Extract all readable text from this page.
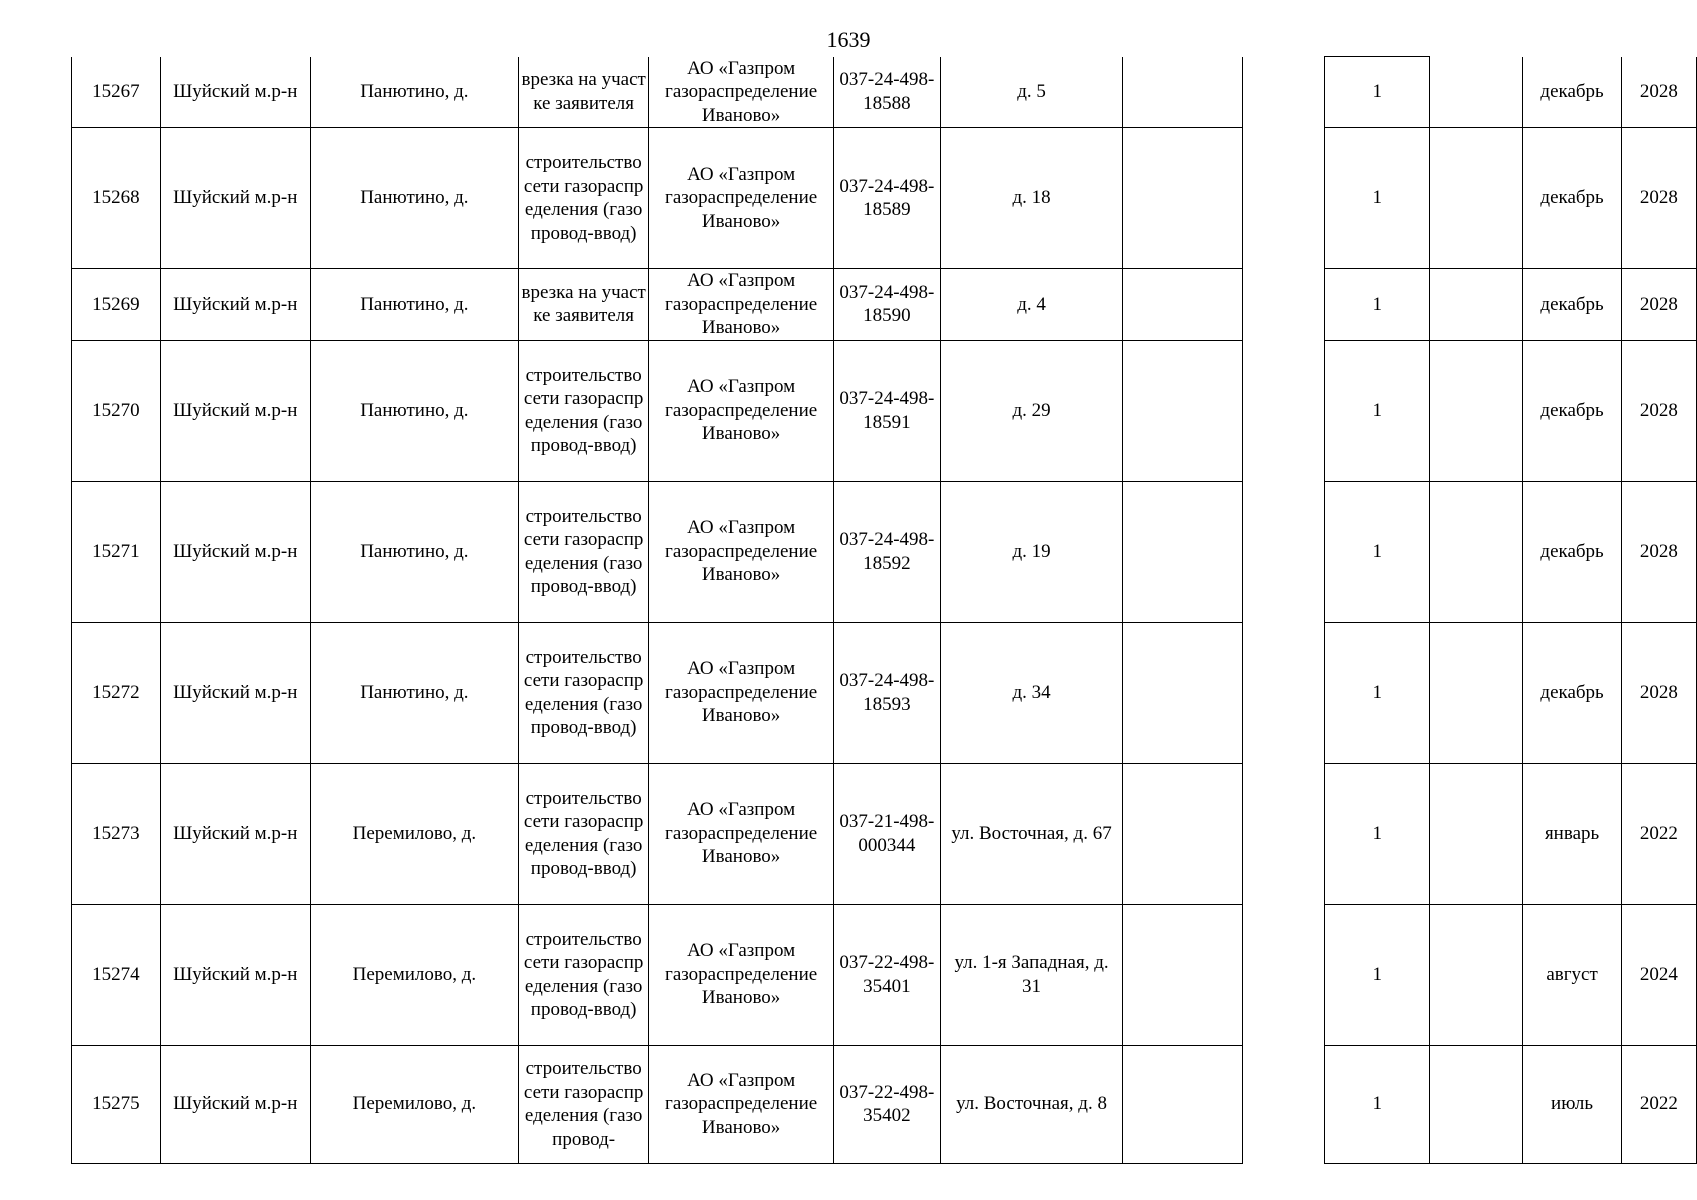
1639
15267	Шуйский м.р-н	Панютино, д.	врезка на участке заявителя	АО «Газпром газораспределение Иваново»	037-24-498-18588	д. 5			1		декабрь	2028
15268	Шуйский м.р-н	Панютино, д.	строительство сети газораспределения (газопровод-ввод)	АО «Газпром газораспределение Иваново»	037-24-498-18589	д. 18			1		декабрь	2028
15269	Шуйский м.р-н	Панютино, д.	врезка на участке заявителя	АО «Газпром газораспределение Иваново»	037-24-498-18590	д. 4			1		декабрь	2028
15270	Шуйский м.р-н	Панютино, д.	строительство сети газораспределения (газопровод-ввод)	АО «Газпром газораспределение Иваново»	037-24-498-18591	д. 29			1		декабрь	2028
15271	Шуйский м.р-н	Панютино, д.	строительство сети газораспределения (газопровод-ввод)	АО «Газпром газораспределение Иваново»	037-24-498-18592	д. 19			1		декабрь	2028
15272	Шуйский м.р-н	Панютино, д.	строительство сети газораспределения (газопровод-ввод)	АО «Газпром газораспределение Иваново»	037-24-498-18593	д. 34			1		декабрь	2028
15273	Шуйский м.р-н	Перемилово, д.	строительство сети газораспределения (газопровод-ввод)	АО «Газпром газораспределение Иваново»	037-21-498-000344	ул. Восточная, д. 67			1		январь	2022
15274	Шуйский м.р-н	Перемилово, д.	строительство сети газораспределения (газопровод-ввод)	АО «Газпром газораспределение Иваново»	037-22-498-35401	ул. 1-я Западная, д. 31			1		август	2024
15275	Шуйский м.р-н	Перемилово, д.	строительство сети газораспределения (газопровод-	АО «Газпром газораспределение Иваново»	037-22-498-35402	ул. Восточная, д. 8			1		июль	2022
